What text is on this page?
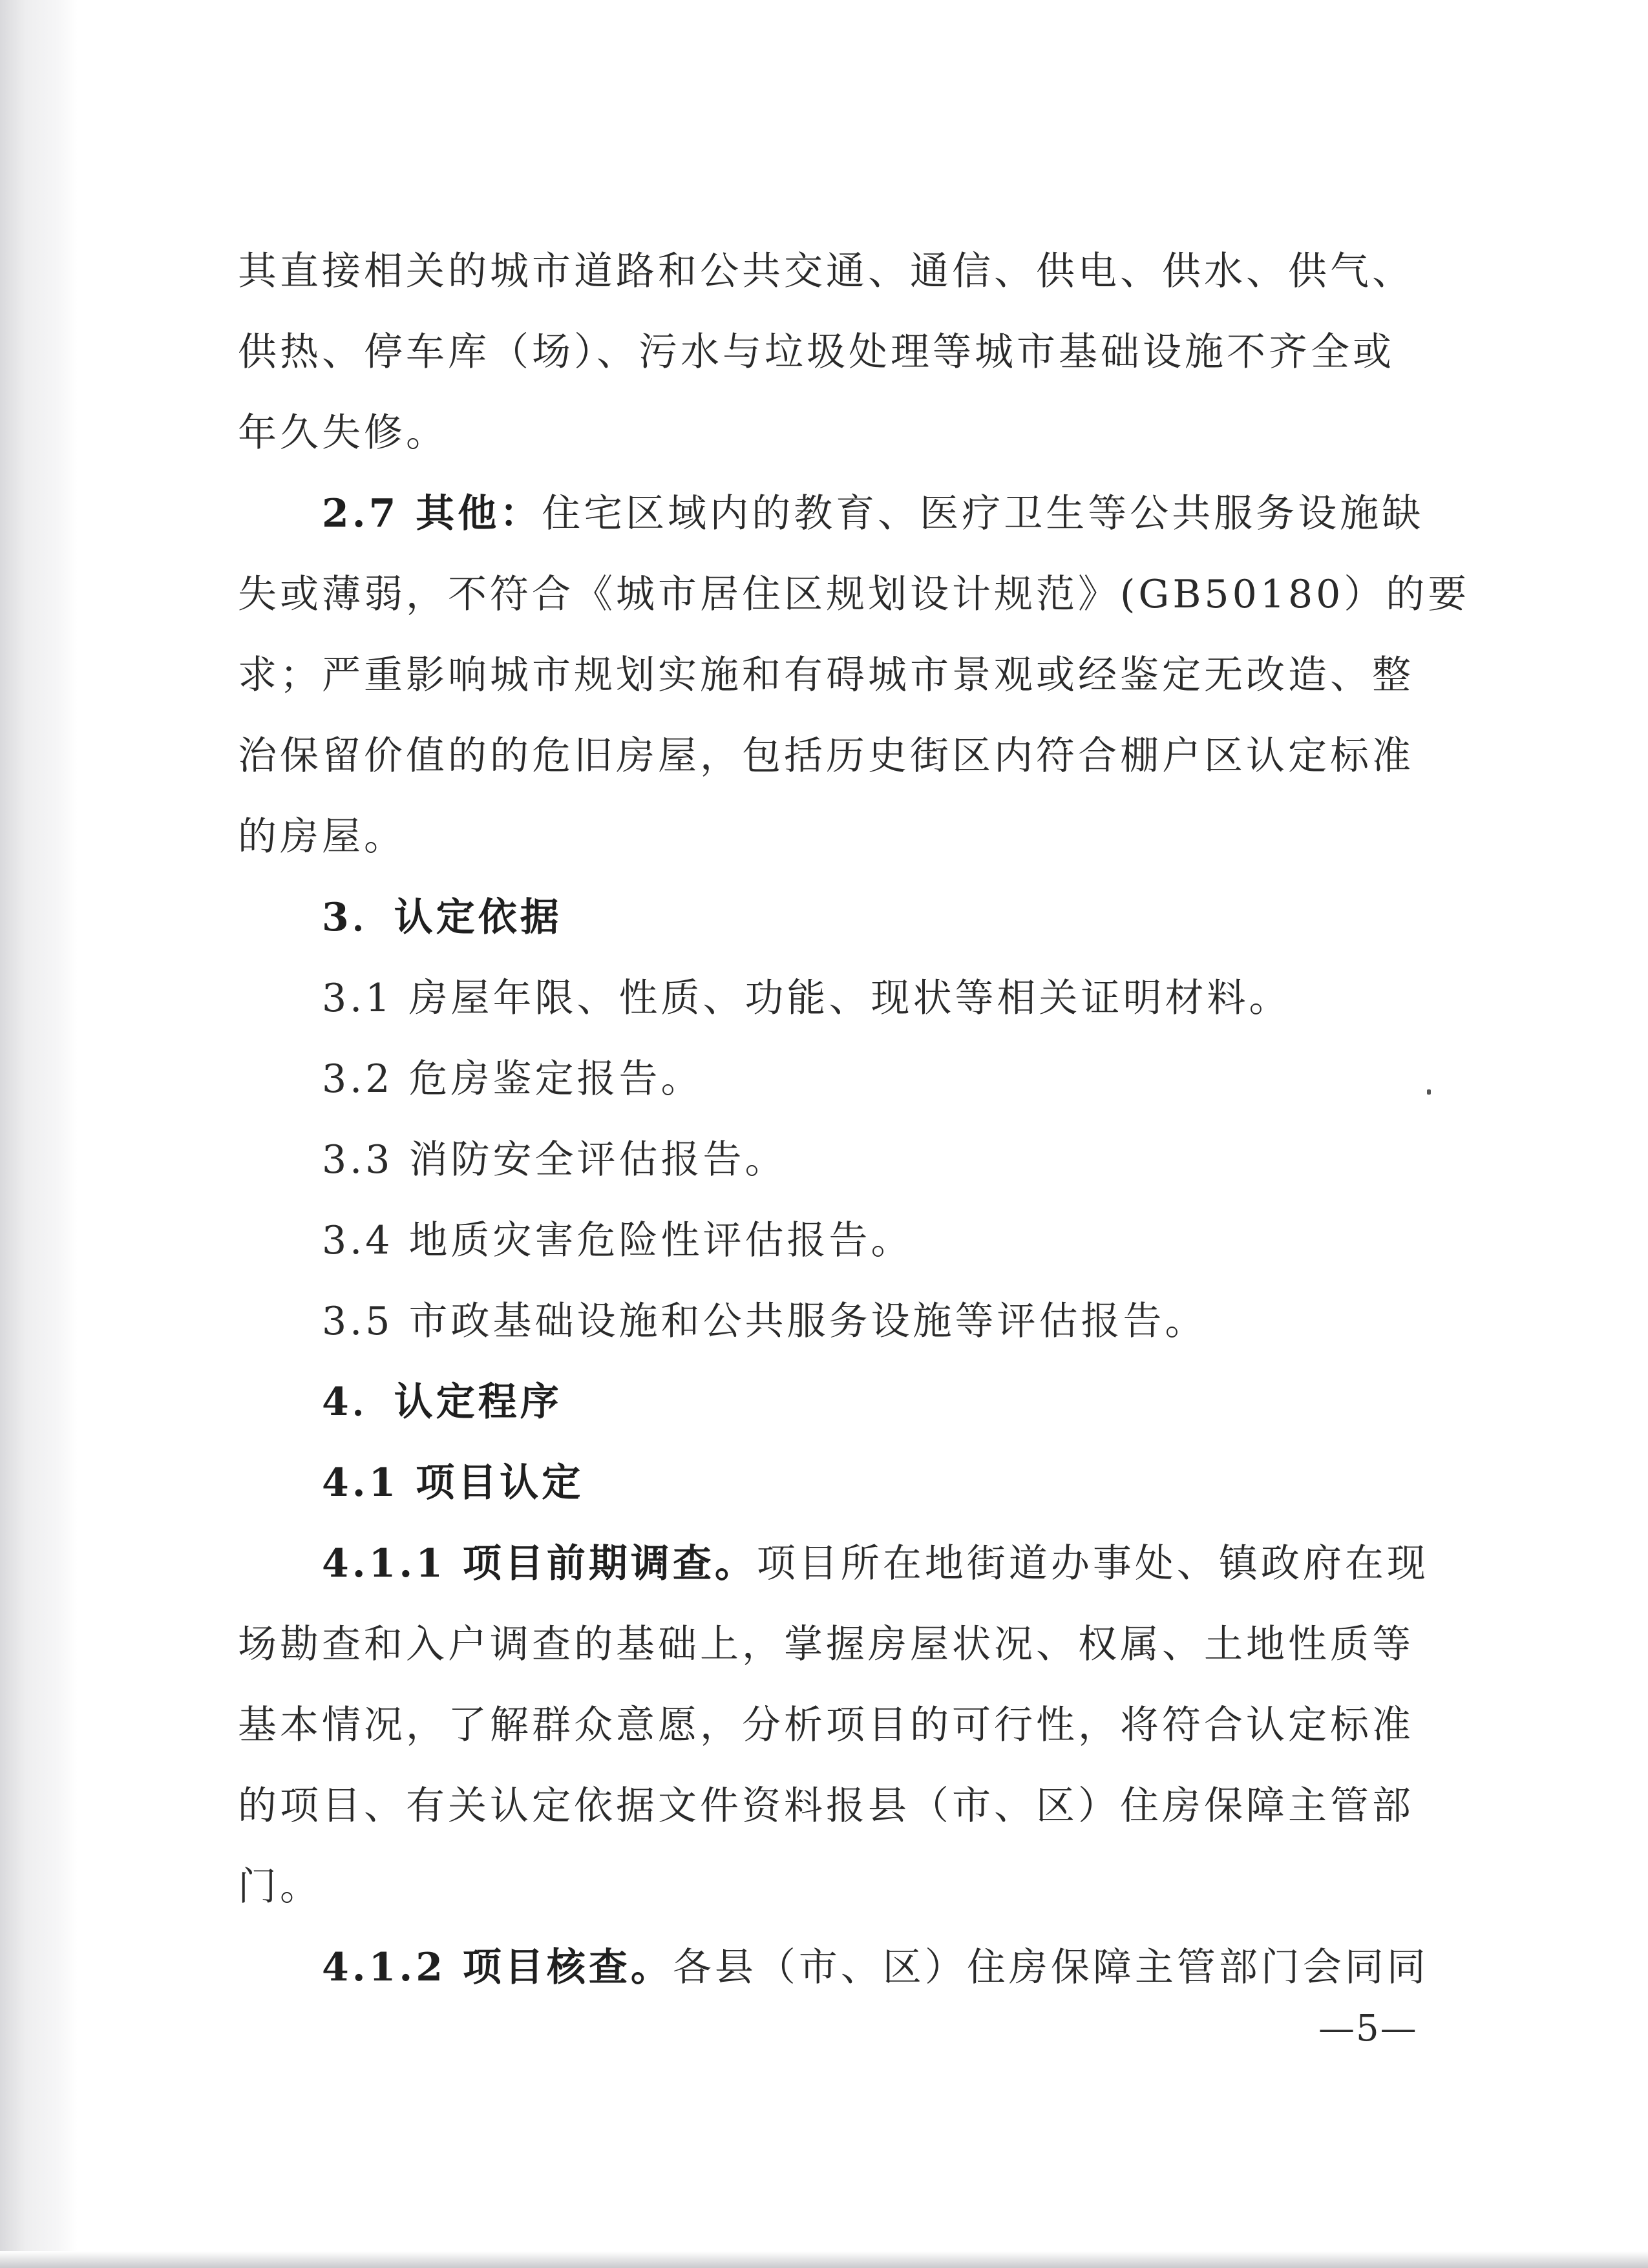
其直接相关的城市道路和公共交通、通信、供电、供水、供气、
供热、停车库（场）、污水与垃圾处理等城市基础设施不齐全或
年久失修。
2.7 其他：住宅区域内的教育、医疗卫生等公共服务设施缺
失或薄弱，不符合《城市居住区规划设计规范》(GB50180）的要
求；严重影响城市规划实施和有碍城市景观或经鉴定无改造、整
治保留价值的的危旧房屋，包括历史街区内符合棚户区认定标准
的房屋。
3．认定依据
3.1 房屋年限、性质、功能、现状等相关证明材料。
3.2 危房鉴定报告。
3.3 消防安全评估报告。
3.4 地质灾害危险性评估报告。
3.5 市政基础设施和公共服务设施等评估报告。
4．认定程序
4.1 项目认定
4.1.1 项目前期调查。项目所在地街道办事处、镇政府在现
场勘查和入户调查的基础上，掌握房屋状况、权属、土地性质等
基本情况，了解群众意愿，分析项目的可行性，将符合认定标准
的项目、有关认定依据文件资料报县（市、区）住房保障主管部
门。
4.1.2 项目核查。各县（市、区）住房保障主管部门会同同
—5—
